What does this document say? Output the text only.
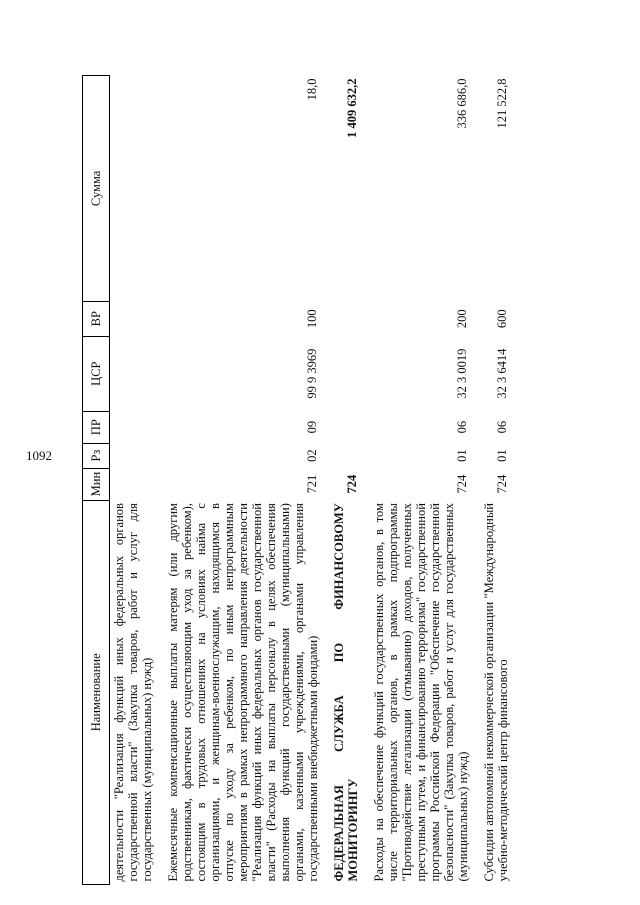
1092
Наименование	Мин	Рз	ПР	ЦСР	ВР	Сумма
деятельности "Реализация функций иных федеральных органов государственной власти" (Закупка товаров, работ и услуг для государственных (муниципальных) нужд)						
Ежемесячные компенсационные выплаты матерям (или другим родственникам, фактически осуществляющим уход за ребенком), состоящим в трудовых отношениях на условиях найма с организациями, и женщинам-военнослужащим, находящимся в отпуске по уходу за ребенком, по иным непрограммным мероприятиям в рамках непрограммного направления деятельности "Реализация функций иных федеральных органов государственной власти" (Расходы на выплаты персоналу в целях обеспечения выполнения функций государственными (муниципальными) органами, казенными учреждениями, органами управления государственными внебюджетными фондами)	721	02	09	99 9 3969	100	18,0
ФЕДЕРАЛЬНАЯ СЛУЖБА ПО ФИНАНСОВОМУ МОНИТОРИНГУ	724					1 409 632,2
Расходы на обеспечение функций государственных органов, в том числе территориальных органов, в рамках подпрограммы "Противодействие легализации (отмыванию) доходов, полученных преступным путем, и финансированию терроризма" государственной программы Российской Федерации "Обеспечение государственной безопасности" (Закупка товаров, работ и услуг для государственных (муниципальных) нужд)	724	01	06	32 3 0019	200	336 686,0
Субсидии автономной некоммерческой организации "Международный учебно-методический центр финансового	724	01	06	32 3 6414	600	121 522,8
